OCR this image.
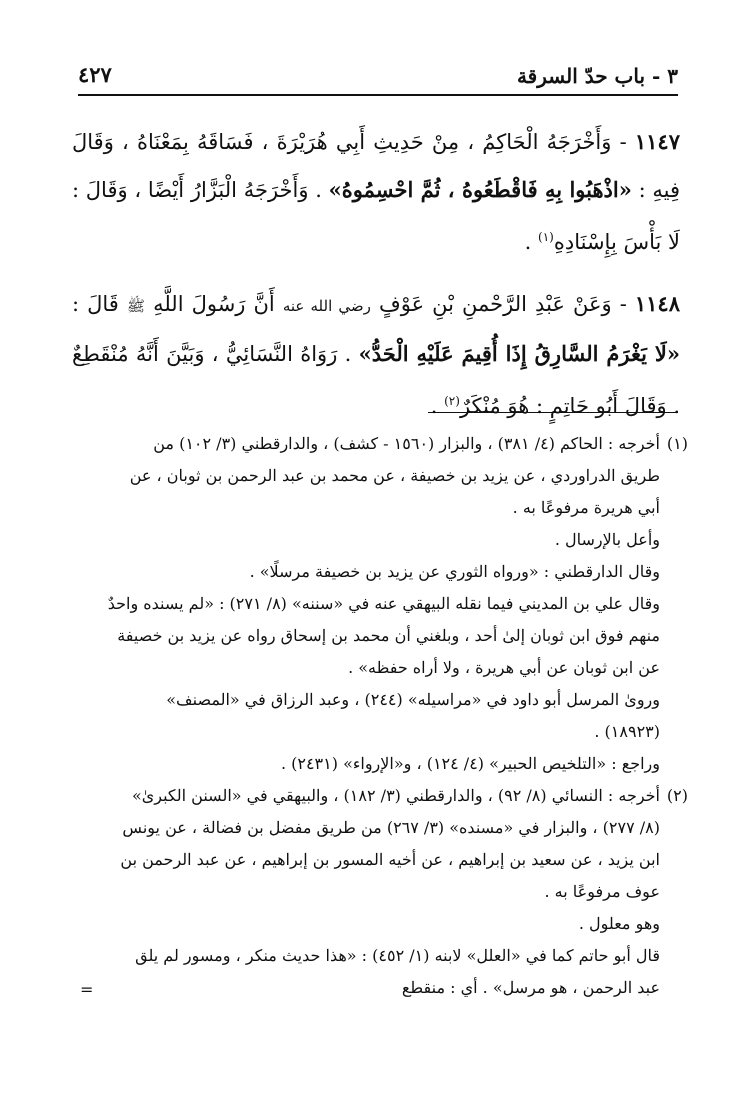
٣ - باب حدّ السرقة
٤٢٧

١١٤٧ - وَأَخْرَجَهُ الْحَاكِمُ ، مِنْ حَدِيثِ أَبِي هُرَيْرَةَ ، فَسَاقَهُ بِمَعْنَاهُ ، وَقَالَ فِيهِ : «اذْهَبُوا بِهِ فَاقْطَعُوهُ ، ثُمَّ احْسِمُوهُ» . وَأَخْرَجَهُ الْبَزَّارُ أَيْضًا ، وَقَالَ : لَا بَأْسَ بِإِسْنَادِهِ$^{(١)}$ .

١١٤٨ - وَعَنْ عَبْدِ الرَّحْمنِ بْنِ عَوْفٍ رضي الله عنه أَنَّ رَسُولَ اللَّهِ ﷺ قَالَ : «لَا يَغْرَمُ السَّارِقُ إِذَا أُقِيمَ عَلَيْهِ الْحَدُّ» . رَوَاهُ النَّسَائِيُّ ، وَبَيَّنَ أَنَّهُ مُنْقَطِعٌ . وَقَالَ أَبُو حَاتِمٍ : هُوَ مُنْكَرٌ$^{(٢)}$ .

(١)أخرجه : الحاكم (٤/ ٣٨١) ، والبزار (١٥٦٠ - كشف) ، والدارقطني (٣/ ١٠٢) من

طريق الدراوردي ، عن يزيد بن خصيفة ، عن محمد بن عبد الرحمن بن ثوبان ، عن

أبي هريرة مرفوعًا به .

وأعل بالإرسال .

وقال الدارقطني : «ورواه الثوري عن يزيد بن خصيفة مرسلًا» .

وقال علي بن المديني فيما نقله البيهقي عنه في «سننه» (٨/ ٢٧١) : «لم يسنده واحدٌ

منهم فوق ابن ثوبان إلىٰ أحد ، وبلغني أن محمد بن إسحاق رواه عن يزيد بن خصيفة

عن ابن ثوبان عن أبي هريرة ، ولا أراه حفظه» .

وروىٰ المرسل أبو داود في «مراسيله» (٢٤٤) ، وعبد الرزاق في «المصنف»

(١٨٩٢٣) .

وراجع : «التلخيص الحبير» (٤/ ١٢٤) ، و«الإرواء» (٢٤٣١) .

(٢)أخرجه : النسائي (٨/ ٩٢) ، والدارقطني (٣/ ١٨٢) ، والبيهقي في «السنن الكبرىٰ»

(٨/ ٢٧٧) ، والبزار في «مسنده» (٣/ ٢٦٧) من طريق مفضل بن فضالة ، عن يونس

ابن يزيد ، عن سعيد بن إبراهيم ، عن أخيه المسور بن إبراهيم ، عن عبد الرحمن بن

عوف مرفوعًا به .

وهو معلول .

قال أبو حاتم كما في «العلل» لابنه (١/ ٤٥٢) : «هذا حديث منكر ، ومسور لم يلق

عبد الرحمن ، هو مرسل» . أي : منقطع

=
